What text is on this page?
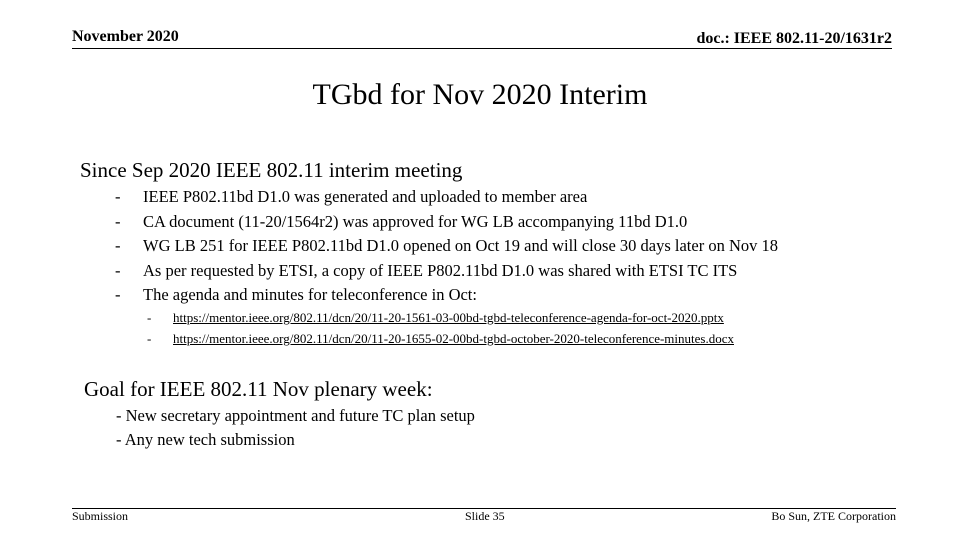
November 2020	doc.: IEEE 802.11-20/1631r2
TGbd for Nov 2020 Interim
Since Sep 2020 IEEE 802.11 interim meeting
- IEEE P802.11bd D1.0 was generated and uploaded to member area
- CA document (11-20/1564r2) was approved for WG LB accompanying 11bd D1.0
- WG LB 251 for IEEE P802.11bd D1.0 opened on Oct 19 and will close 30 days later on Nov 18
- As per requested by ETSI, a copy of IEEE P802.11bd D1.0 was shared with ETSI TC ITS
- The agenda and minutes for teleconference in Oct:
- https://mentor.ieee.org/802.11/dcn/20/11-20-1561-03-00bd-tgbd-teleconference-agenda-for-oct-2020.pptx
- https://mentor.ieee.org/802.11/dcn/20/11-20-1655-02-00bd-tgbd-october-2020-teleconference-minutes.docx
Goal for IEEE 802.11 Nov plenary week:
- New secretary appointment and future TC plan setup
- Any new tech submission
Submission	Slide 35	Bo Sun, ZTE Corporation
